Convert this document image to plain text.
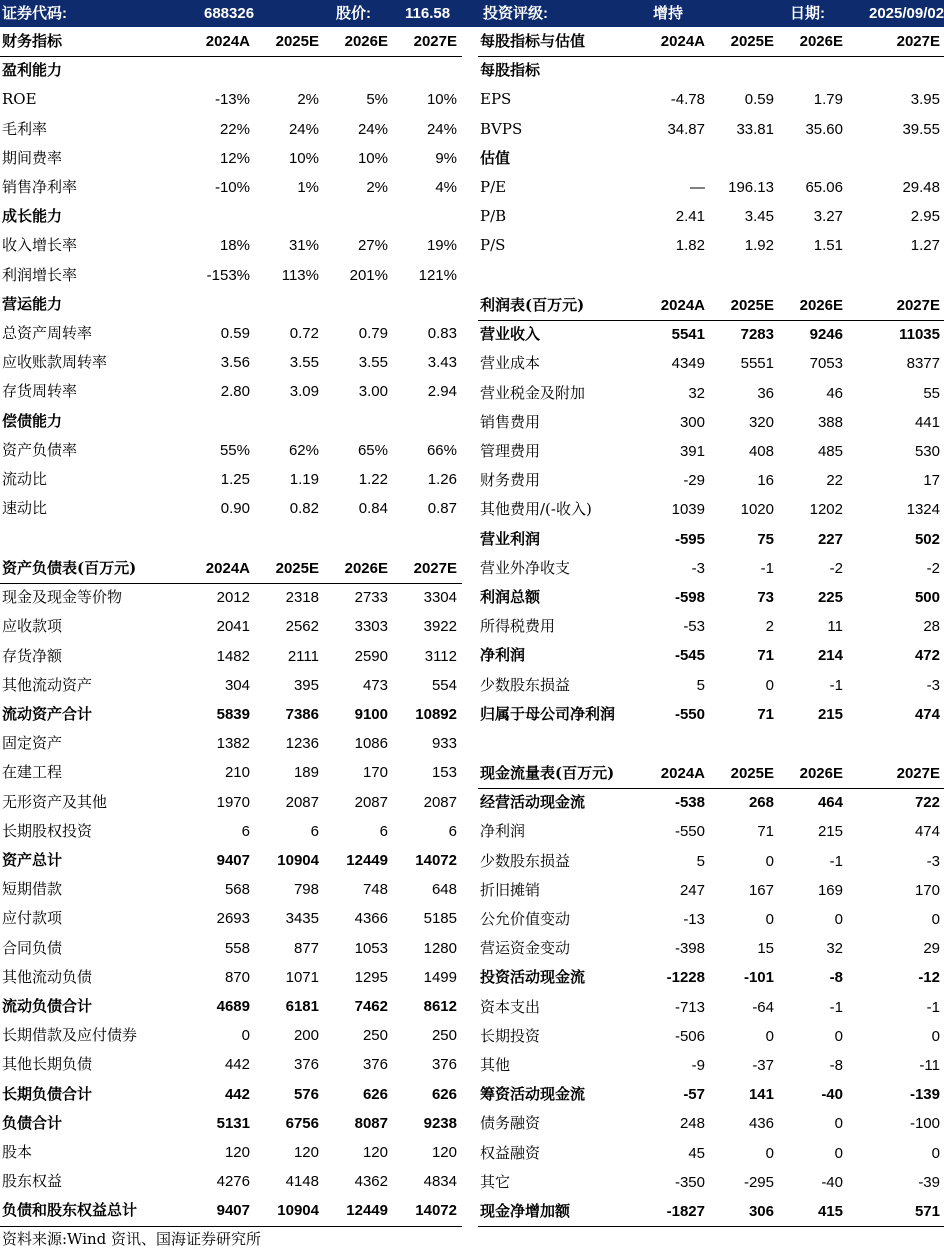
证券代码:	688326	股价: 116.58 投资评级:	增持	日期:	2025/09/02
财务指标	2024A 2025E 2026E 2027E
盈利能力
ROE	-13%	2%	5%	10%
毛利率	22%	24%	24%	24%
期间费率	12%	10%	10%	9%
销售净利率	-10%	1%	2%	4%
成长能力
收入增长率	18%	31%	27%	19%
利润增长率	-153% 113% 201% 121%
营运能力
总资产周转率	0.59	0.72	0.79	0.83
应收账款周转率	3.56	3.55	3.55	3.43
存货周转率	2.80	3.09	3.00	2.94
偿债能力
资产负债率	55%	62%	65%	66%
流动比	1.25	1.19	1.22	1.26
速动比	0.90	0.82	0.84	0.87
资产负债表(百万元)	2024A 2025E 2026E 2027E
现金及现金等价物	2012 2318 2733 3304
应收款项	2041 2562 3303 3922
存货净额	1482	2111 2590 3112
其他流动资产	304	395	473	554
流动资产合计	5839 7386 9100 10892
固定资产	1382 1236 1086	933
在建工程	210	189	170	153
无形资产及其他	1970 2087 2087 2087
长期股权投资	6	6	6	6
资产总计	9407 10904 12449 14072
短期借款	568	798	748	648
应付款项	2693 3435 4366 5185
合同负债	558	877 1053 1280
其他流动负债	870 1071 1295 1499
流动负债合计	4689 6181 7462 8612
长期借款及应付债券	0	200	250	250
其他长期负债	442	376	376	376
长期负债合计	442	576	626	626
负债合计	5131 6756 8087 9238
股本	120	120	120	120
股东权益	4276 4148 4362 4834
负债和股东权益总计	9407 10904 12449 14072
每股指标与估值	2024A 2025E 2026E	2027E
每股指标
EPS	-4.78	0.59	1.79	3.95
BVPS	34.87 33.81 35.60	39.55
估值
P/E	— 196.13 65.06	29.48
P/B	2.41	3.45	3.27	2.95
P/S	1.82	1.92	1.51	1.27
利润表(百万元)	2024A 2025E 2026E	2027E
营业收入	5541 7283 9246	11035
营业成本	4349 5551 7053	8377
营业税金及附加	32	36	46	55
销售费用	300	320	388	441
管理费用	391	408	485	530
财务费用	-29	16	22	17
其他费用/(-收入)	1039 1020 1202	1324
营业利润	-595	75	227	502
营业外净收支	-3	-1	-2	-2
利润总额	-598	73	225	500
所得税费用	-53	2	11	28
净利润	-545	71	214	472
少数股东损益	5	0	-1	-3
归属于母公司净利润	-550	71	215	474
现金流量表(百万元)	2024A 2025E 2026E	2027E
经营活动现金流	-538	268	464	722
净利润	-550	71	215	474
少数股东损益	5	0	-1	-3
折旧摊销	247	167	169	170
公允价值变动	-13	0	0	0
营运资金变动	-398	15	32	29
投资活动现金流	-1228	-101	-8	-12
资本支出	-713	-64	-1	-1
长期投资	-506	0	0	0
其他	-9	-37	-8	-11
筹资活动现金流	-57	141	-40	-139
债务融资	248	436	0	-100
权益融资	45	0	0	0
其它	-350	-295	-40	-39
现金净增加额	-1827	306	415	571
资料来源:Wind 资讯、国海证券研究所
